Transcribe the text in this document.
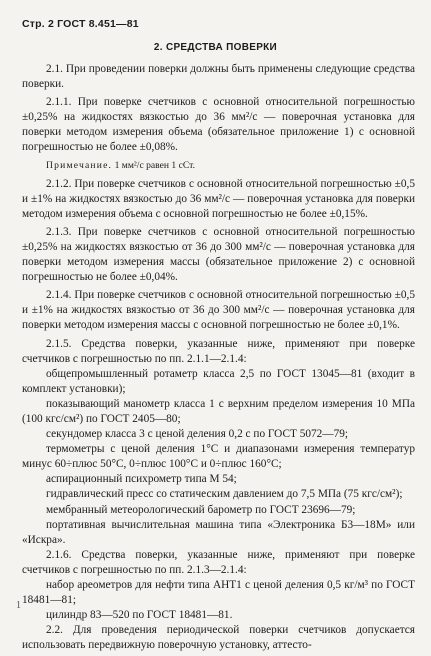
Стр. 2 ГОСТ 8.451—81
2. СРЕДСТВА ПОВЕРКИ

2.1. При проведении поверки должны быть применены следующие средства поверки.

2.1.1. При поверке счетчиков с основной относительной погрешностью ±0,25% на жидкостях вязкостью до 36 мм²/с — поверочная установка для поверки методом измерения объема (обязательное приложение 1) с основной погрешностью не более ±0,08%.

Примечание. 1 мм²/с равен 1 сСт.

2.1.2. При поверке счетчиков с основной относительной погрешностью ±0,5 и ±1% на жидкостях вязкостью до 36 мм²/с — поверочная установка для поверки методом измерения объема с основной погрешностью не более ±0,15%.

2.1.3. При поверке счетчиков с основной относительной погрешностью ±0,25% на жидкостях вязкостью от 36 до 300 мм²/с — поверочная установка для поверки методом измерения массы (обязательное приложение 2) с основной погрешностью не более ±0,04%.

2.1.4. При поверке счетчиков с основной относительной погрешностью ±0,5 и ±1% на жидкостях вязкостью от 36 до 300 мм²/с — поверочная установка для поверки методом измерения массы с основной погрешностью не более ±0,1%.

2.1.5. Средства поверки, указанные ниже, применяют при поверке счетчиков с погрешностью по пп. 2.1.1—2.1.4:

общепромышленный ротаметр класса 2,5 по ГОСТ 13045—81 (входит в комплект установки);

показывающий манометр класса 1 с верхним пределом измерения 10 МПа (100 кгс/см²) по ГОСТ 2405—80;

секундомер класса 3 с ценой деления 0,2 с по ГОСТ 5072—79;

термометры с ценой деления 1°С и диапазонами измерения температур минус 60÷плюс 50°С, 0÷плюс 100°С и 0÷плюс 160°С;

аспирационный психрометр типа М 54;

гидравлический пресс со статическим давлением до 7,5 МПа (75 кгс/см²);

мембранный метеорологический барометр по ГОСТ 23696—79;

портативная вычислительная машина типа «Электроника Б3—18М» или «Искра».

2.1.6. Средства поверки, указанные ниже, применяют при поверке счетчиков с погрешностью по пп. 2.1.3—2.1.4:

набор ареометров для нефти типа АНТ1 с ценой деления 0,5 кг/м³ по ГОСТ 18481—81;

цилиндр 83—520 по ГОСТ 18481—81.

2.2. Для проведения периодической поверки счетчиков допускается использовать передвижную поверочную установку, аттесто-

1
